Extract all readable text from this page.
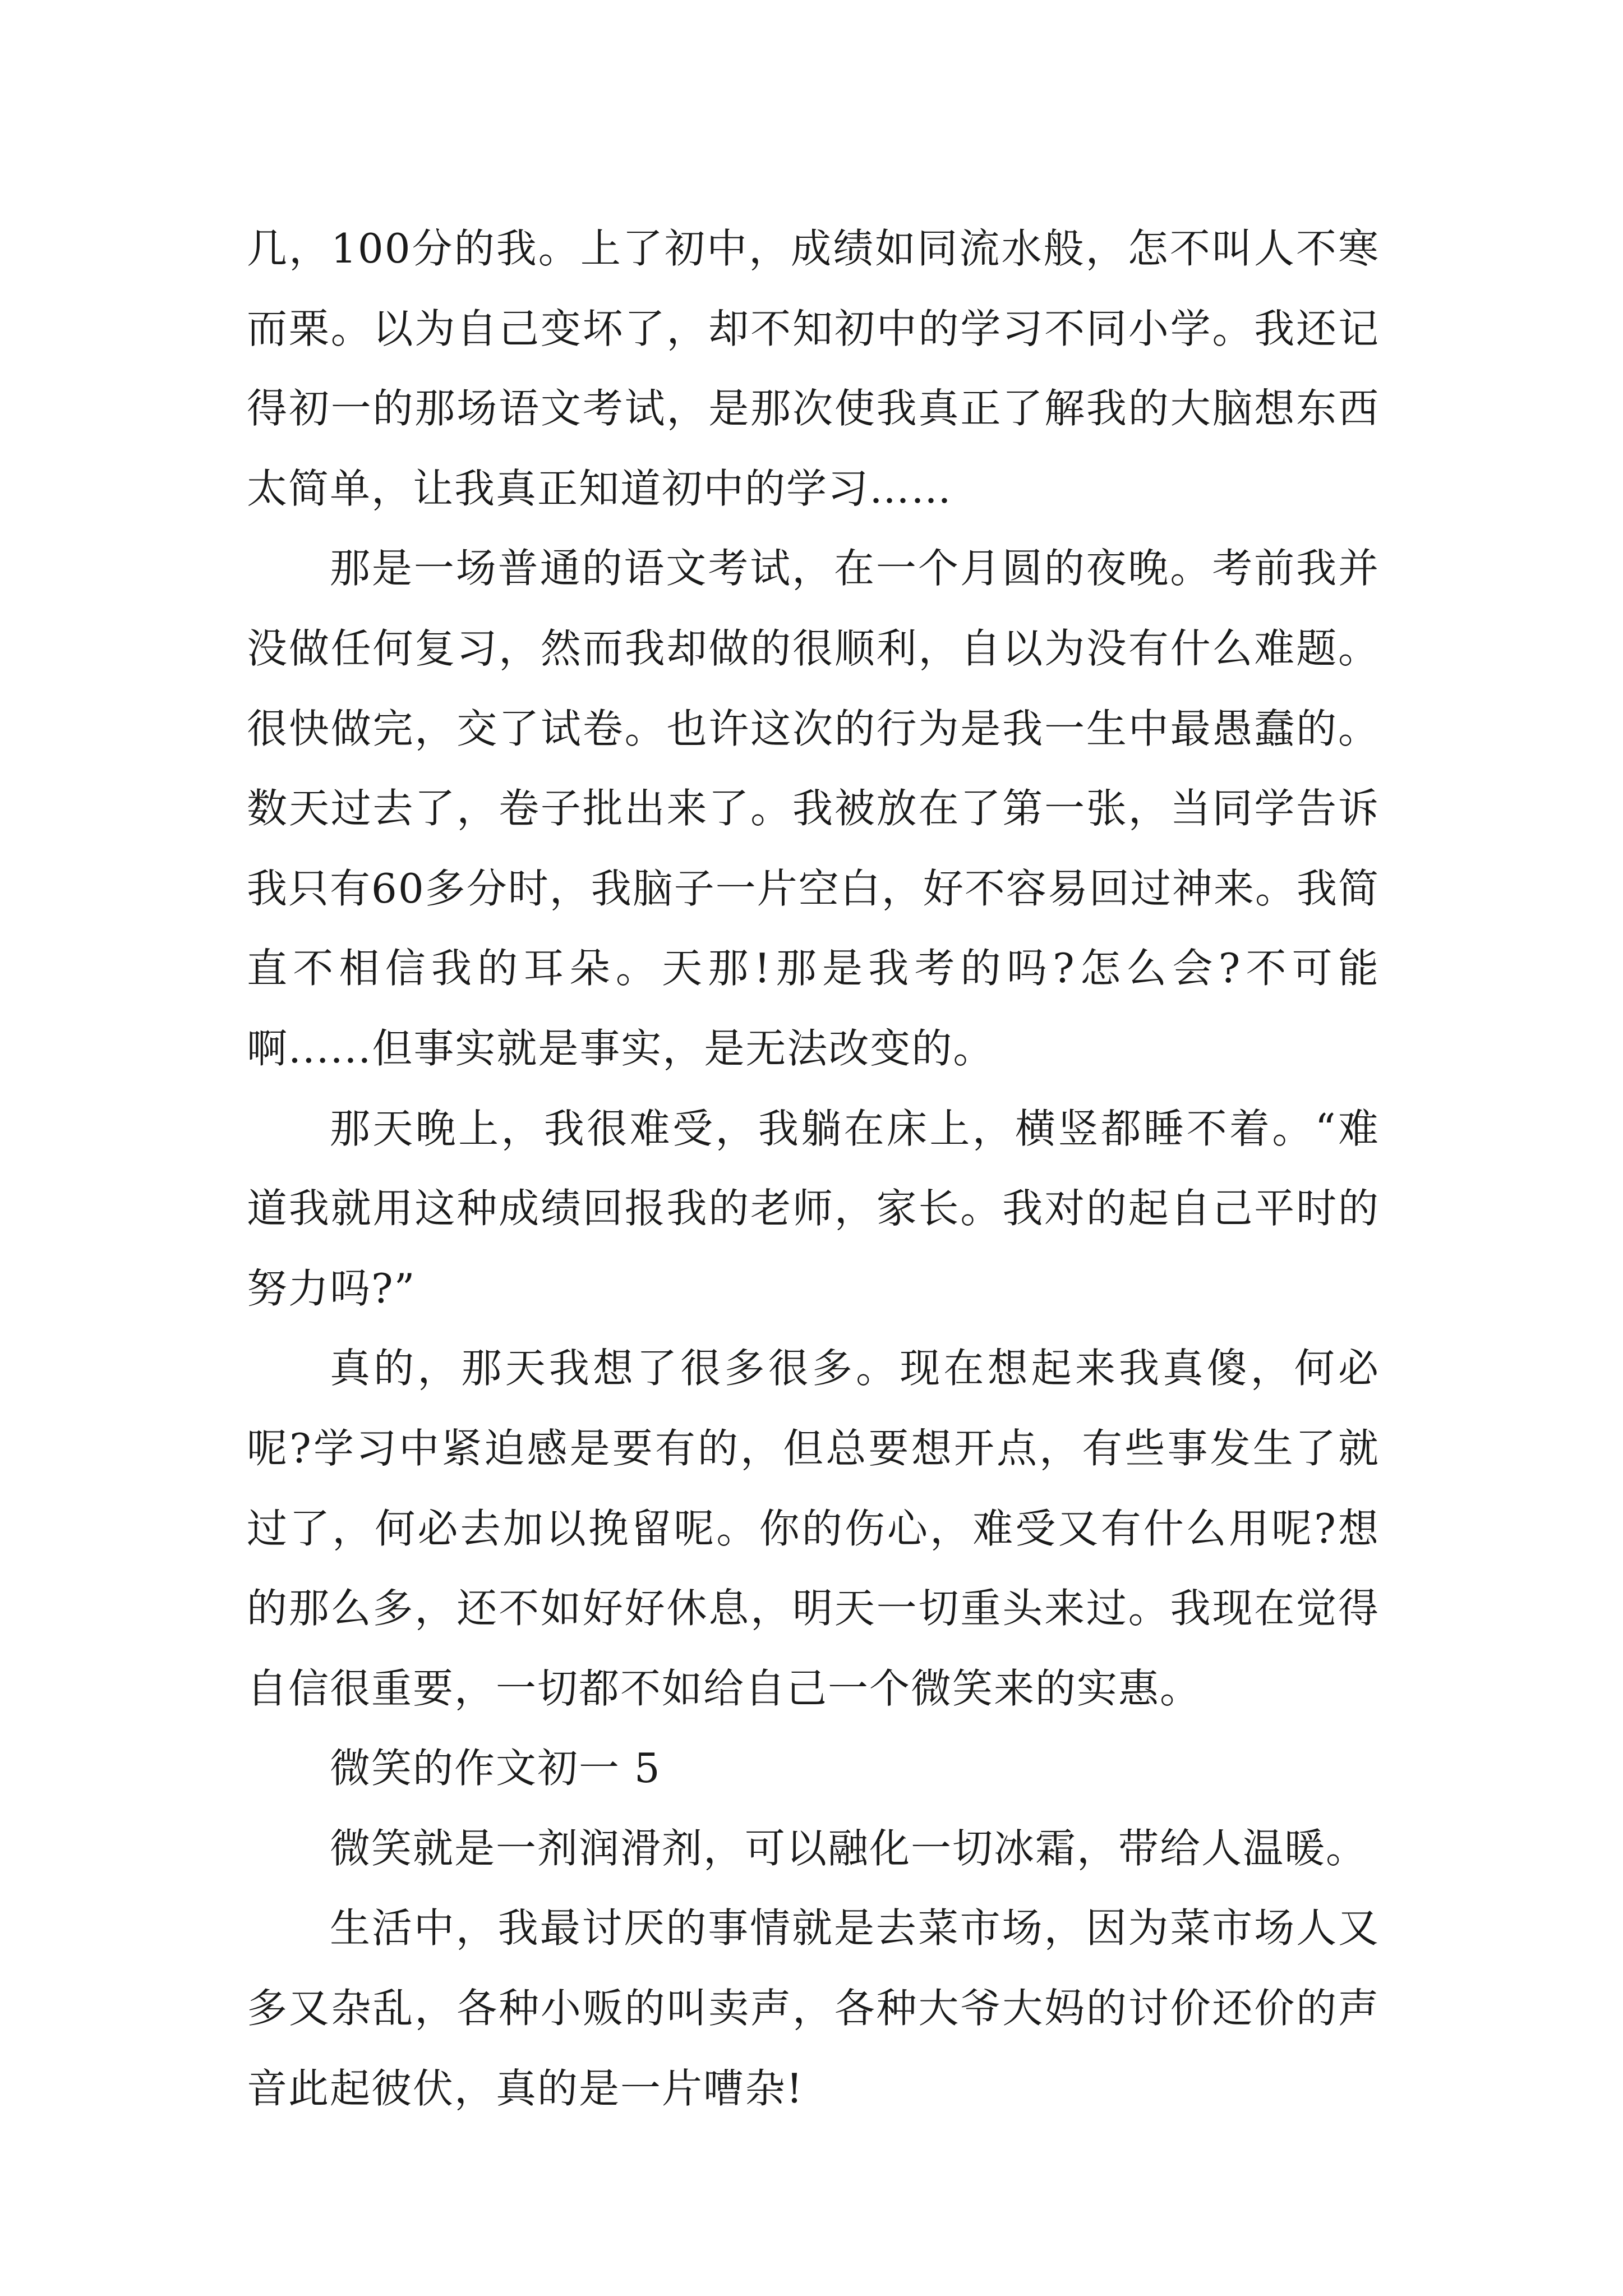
几，100分的我。上了初中，成绩如同流水般，怎不叫人不寒而栗。以为自己变坏了，却不知初中的学习不同小学。我还记得初一的那场语文考试，是那次使我真正了解我的大脑想东西太简单，让我真正知道初中的学习……

那是一场普通的语文考试，在一个月圆的夜晚。考前我并没做任何复习，然而我却做的很顺利，自以为没有什么难题。很快做完，交了试卷。也许这次的行为是我一生中最愚蠢的。数天过去了，卷子批出来了。我被放在了第一张，当同学告诉我只有60多分时，我脑子一片空白，好不容易回过神来。我简直不相信我的耳朵。天那!那是我考的吗?怎么会?不可能啊......但事实就是事实，是无法改变的。

那天晚上，我很难受，我躺在床上，横竖都睡不着。“难道我就用这种成绩回报我的老师，家长。我对的起自己平时的努力吗?”

真的，那天我想了很多很多。现在想起来我真傻，何必呢?学习中紧迫感是要有的，但总要想开点，有些事发生了就过了，何必去加以挽留呢。你的伤心，难受又有什么用呢?想的那么多，还不如好好休息，明天一切重头来过。我现在觉得自信很重要，一切都不如给自己一个微笑来的实惠。

微笑的作文初一 5

微笑就是一剂润滑剂，可以融化一切冰霜，带给人温暖。

生活中，我最讨厌的事情就是去菜市场，因为菜市场人又多又杂乱，各种小贩的叫卖声，各种大爷大妈的讨价还价的声音此起彼伏，真的是一片嘈杂!
